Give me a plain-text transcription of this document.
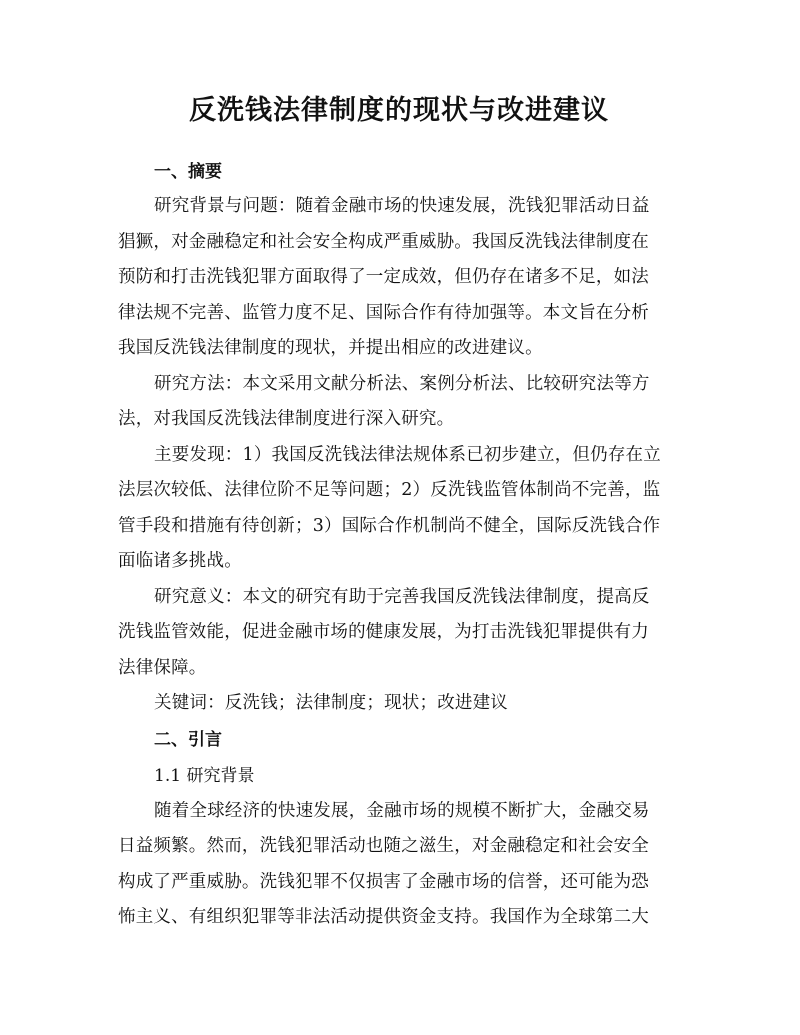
反洗钱法律制度的现状与改进建议
一、摘要

研究背景与问题：随着金融市场的快速发展，洗钱犯罪活动日益
猖獗，对金融稳定和社会安全构成严重威胁。我国反洗钱法律制度在
预防和打击洗钱犯罪方面取得了一定成效，但仍存在诸多不足，如法
律法规不完善、监管力度不足、国际合作有待加强等。本文旨在分析
我国反洗钱法律制度的现状，并提出相应的改进建议。

研究方法：本文采用文献分析法、案例分析法、比较研究法等方
法，对我国反洗钱法律制度进行深入研究。

主要发现：1）我国反洗钱法律法规体系已初步建立，但仍存在立
法层次较低、法律位阶不足等问题；2）反洗钱监管体制尚不完善，监
管手段和措施有待创新；3）国际合作机制尚不健全，国际反洗钱合作
面临诸多挑战。

研究意义：本文的研究有助于完善我国反洗钱法律制度，提高反
洗钱监管效能，促进金融市场的健康发展，为打击洗钱犯罪提供有力
法律保障。

关键词：反洗钱；法律制度；现状；改进建议

二、引言
1.1 研究背景

随着全球经济的快速发展，金融市场的规模不断扩大，金融交易
日益频繁。然而，洗钱犯罪活动也随之滋生，对金融稳定和社会安全
构成了严重威胁。洗钱犯罪不仅损害了金融市场的信誉，还可能为恐
怖主义、有组织犯罪等非法活动提供资金支持。我国作为全球第二大
